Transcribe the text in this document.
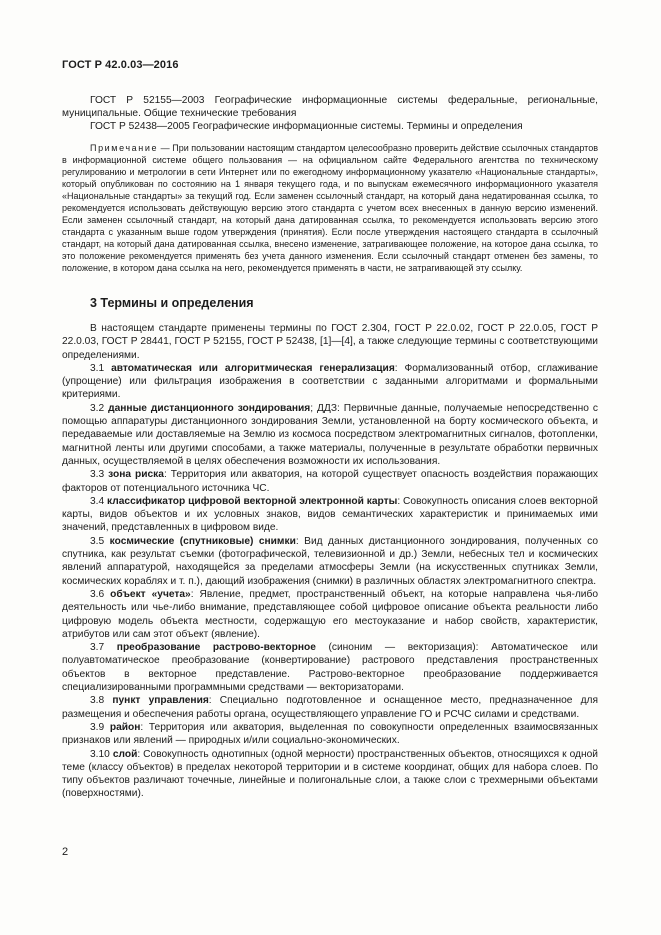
ГОСТ Р 42.0.03—2016

ГОСТ Р 52155—2003 Географические информационные системы федеральные, региональные, муниципальные. Общие технические требования

ГОСТ Р 52438—2005 Географические информационные системы. Термины и определения

Примечание — При пользовании настоящим стандартом целесообразно проверить действие ссылочных стандартов в информационной системе общего пользования — на официальном сайте Федерального агентства по техническому регулированию и метрологии в сети Интернет или по ежегодному информационному указателю «Национальные стандарты», который опубликован по состоянию на 1 января текущего года, и по выпускам ежемесячного информационного указателя «Национальные стандарты» за текущий год. Если заменен ссылочный стандарт, на который дана недатированная ссылка, то рекомендуется использовать действующую версию этого стандарта с учетом всех внесенных в данную версию изменений. Если заменен ссылочный стандарт, на который дана датированная ссылка, то рекомендуется использовать версию этого стандарта с указанным выше годом утверждения (принятия). Если после утверждения настоящего стандарта в ссылочный стандарт, на который дана датированная ссылка, внесено изменение, затрагивающее положение, на которое дана ссылка, то это положение рекомендуется применять без учета данного изменения. Если ссылочный стандарт отменен без замены, то положение, в котором дана ссылка на него, рекомендуется применять в части, не затрагивающей эту ссылку.

3 Термины и определения

В настоящем стандарте применены термины по ГОСТ 2.304, ГОСТ Р 22.0.02, ГОСТ Р 22.0.05, ГОСТ Р 22.0.03, ГОСТ Р 28441, ГОСТ Р 52155, ГОСТ Р 52438, [1]—[4], а также следующие термины с соответствующими определениями.

3.1 автоматическая или алгоритмическая генерализация: Формализованный отбор, сглаживание (упрощение) или фильтрация изображения в соответствии с заданными алгоритмами и формальными критериями.

3.2 данные дистанционного зондирования; ДДЗ: Первичные данные, получаемые непосредственно с помощью аппаратуры дистанционного зондирования Земли, установленной на борту космического объекта, и передаваемые или доставляемые на Землю из космоса посредством электромагнитных сигналов, фотопленки, магнитной ленты или другими способами, а также материалы, полученные в результате обработки первичных данных, осуществляемой в целях обеспечения возможности их использования.

3.3 зона риска: Территория или акватория, на которой существует опасность воздействия поражающих факторов от потенциального источника ЧС.

3.4 классификатор цифровой векторной электронной карты: Совокупность описания слоев векторной карты, видов объектов и их условных знаков, видов семантических характеристик и принимаемых ими значений, представленных в цифровом виде.

3.5 космические (спутниковые) снимки: Вид данных дистанционного зондирования, полученных со спутника, как результат съемки (фотографической, телевизионной и др.) Земли, небесных тел и космических явлений аппаратурой, находящейся за пределами атмосферы Земли (на искусственных спутниках Земли, космических кораблях и т. п.), дающий изображения (снимки) в различных областях электромагнитного спектра.

3.6 объект «учета»: Явление, предмет, пространственный объект, на которые направлена чья-либо деятельность или чье-либо внимание, представляющее собой цифровое описание объекта реальности либо цифровую модель объекта местности, содержащую его местоуказание и набор свойств, характеристик, атрибутов или сам этот объект (явление).

3.7 преобразование растрово-векторное (синоним — векторизация): Автоматическое или полуавтоматическое преобразование (конвертирование) растрового представления пространственных объектов в векторное представление. Растрово-векторное преобразование поддерживается специализированными программными средствами — векторизаторами.

3.8 пункт управления: Специально подготовленное и оснащенное место, предназначенное для размещения и обеспечения работы органа, осуществляющего управление ГО и РСЧС силами и средствами.

3.9 район: Территория или акватория, выделенная по совокупности определенных взаимосвязанных признаков или явлений — природных и/или социально-экономических.

3.10 слой: Совокупность однотипных (одной мерности) пространственных объектов, относящихся к одной теме (классу объектов) в пределах некоторой территории и в системе координат, общих для набора слоев. По типу объектов различают точечные, линейные и полигональные слои, а также слои с трехмерными объектами (поверхностями).

2
